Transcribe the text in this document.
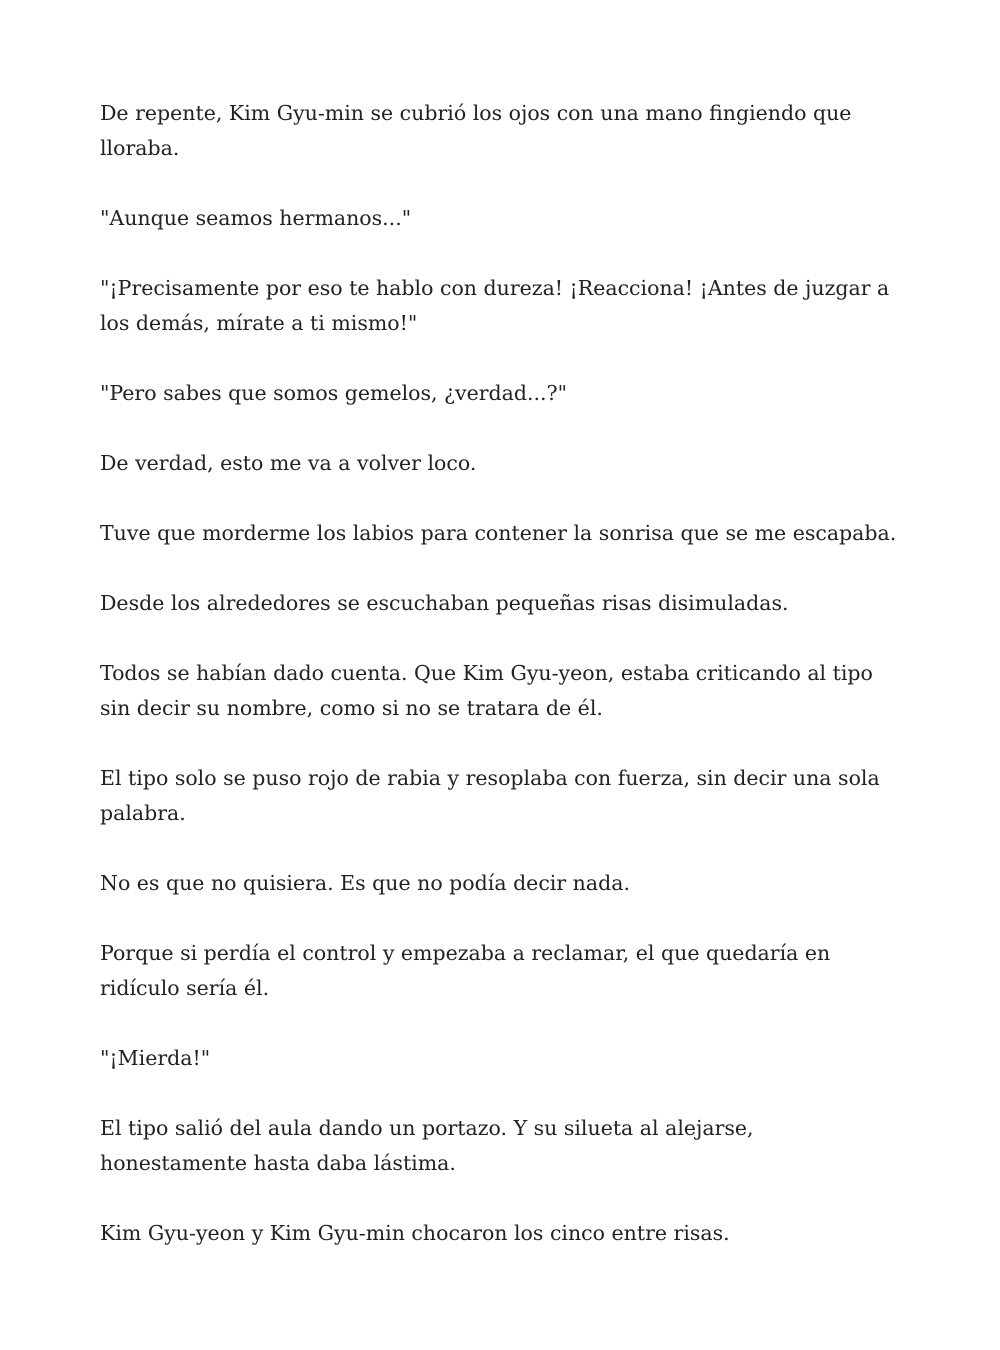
De repente, Kim Gyu-min se cubrió los ojos con una mano fingiendo que lloraba.

"Aunque seamos hermanos..."

"¡Precisamente por eso te hablo con dureza! ¡Reacciona! ¡Antes de juzgar a los demás, mírate a ti mismo!"

"Pero sabes que somos gemelos, ¿verdad...?"

De verdad, esto me va a volver loco.

Tuve que morderme los labios para contener la sonrisa que se me escapaba.

Desde los alrededores se escuchaban pequeñas risas disimuladas.

Todos se habían dado cuenta. Que Kim Gyu-yeon, estaba criticando al tipo sin decir su nombre, como si no se tratara de él.

El tipo solo se puso rojo de rabia y resoplaba con fuerza, sin decir una sola palabra.

No es que no quisiera. Es que no podía decir nada.

Porque si perdía el control y empezaba a reclamar, el que quedaría en ridículo sería él.

"¡Mierda!"

El tipo salió del aula dando un portazo. Y su silueta al alejarse, honestamente hasta daba lástima.

Kim Gyu-yeon y Kim Gyu-min chocaron los cinco entre risas.
